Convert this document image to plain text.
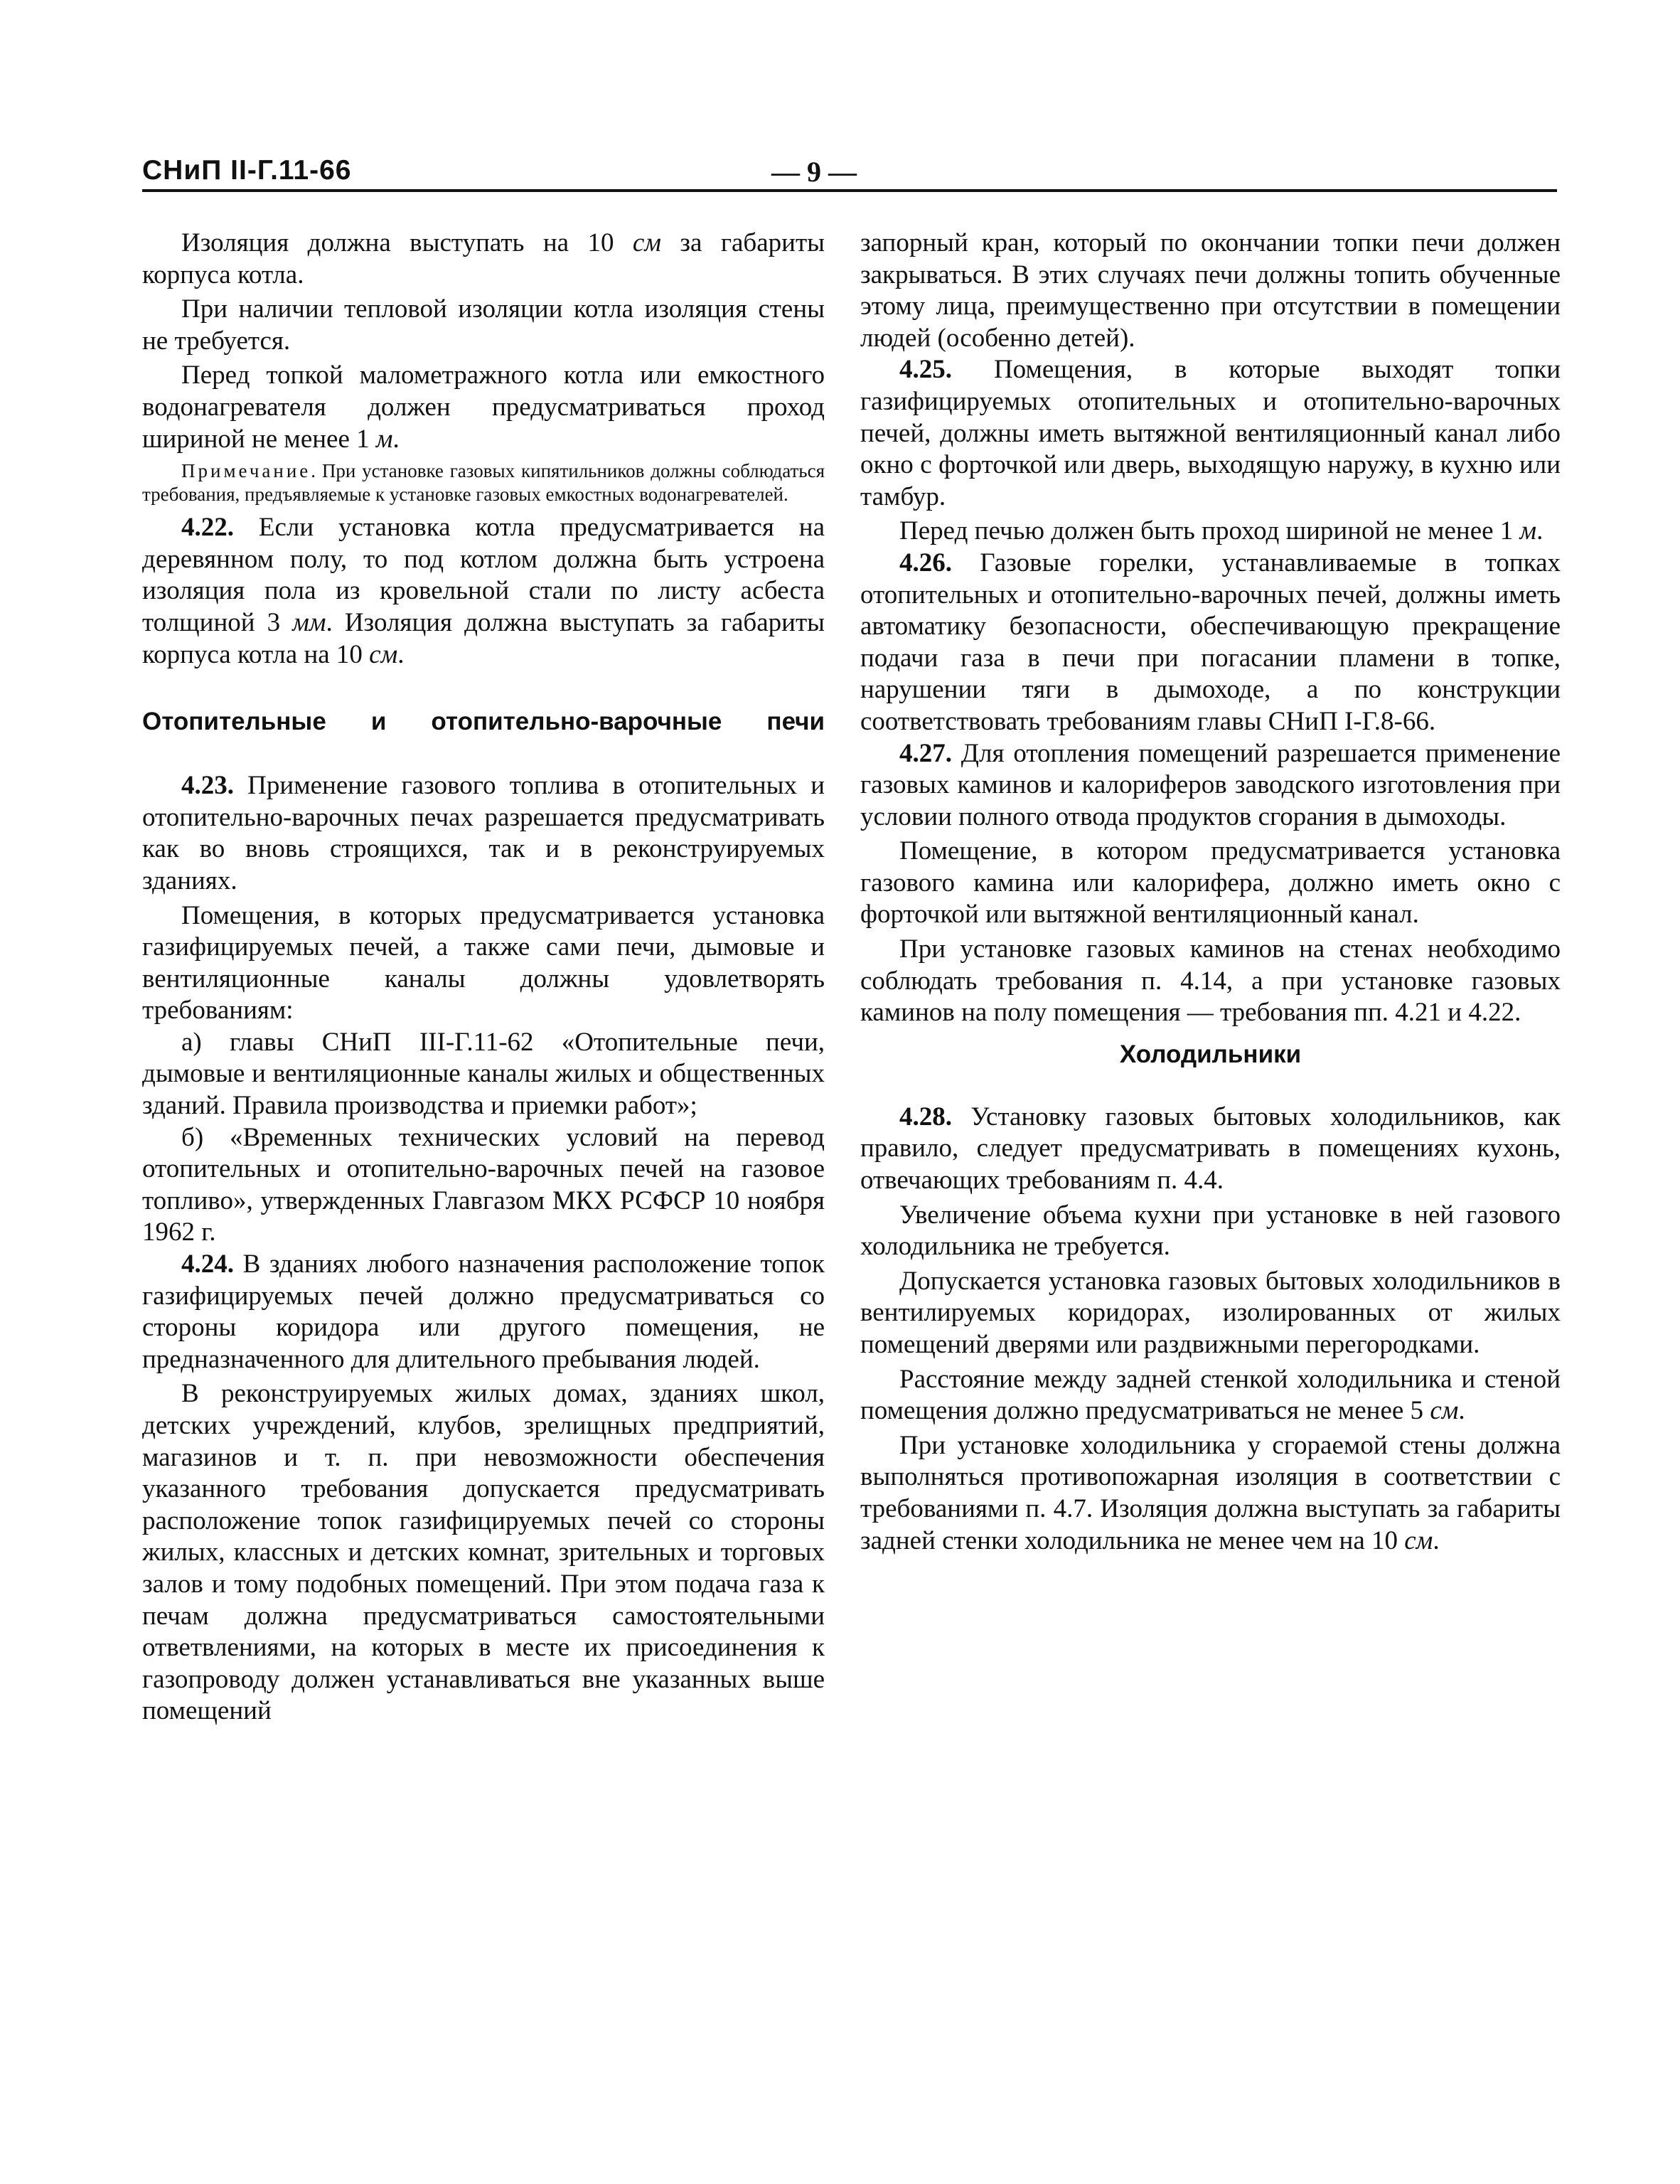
СНиП II-Г.11-66	— 9 —

Изоляция должна выступать на 10 см за габариты корпуса котла.

При наличии тепловой изоляции котла изоляция стены не требуется.

Перед топкой малометражного котла или емкостного водонагревателя должен предусматриваться проход шириной не менее 1 м.

Примечание. При установке газовых кипятильников должны соблюдаться требования, предъявляемые к установке газовых емкостных водонагревателей.

4.22. Если установка котла предусматривается на деревянном полу, то под котлом должна быть устроена изоляция пола из кровельной стали по листу асбеста толщиной 3 мм. Изоляция должна выступать за габариты корпуса котла на 10 см.

Отопительные и отопительно-варочные печи

4.23. Применение газового топлива в отопительных и отопительно-варочных печах разрешается предусматривать как во вновь строящихся, так и в реконструируемых зданиях.

Помещения, в которых предусматривается установка газифицируемых печей, а также сами печи, дымовые и вентиляционные каналы должны удовлетворять требованиям:

а) главы СНиП III-Г.11-62 «Отопительные печи, дымовые и вентиляционные каналы жилых и общественных зданий. Правила производства и приемки работ»;

б) «Временных технических условий на перевод отопительных и отопительно-варочных печей на газовое топливо», утвержденных Главгазом МКХ РСФСР 10 ноября 1962 г.

4.24. В зданиях любого назначения расположение топок газифицируемых печей должно предусматриваться со стороны коридора или другого помещения, не предназначенного для длительного пребывания людей.

В реконструируемых жилых домах, зданиях школ, детских учреждений, клубов, зрелищных предприятий, магазинов и т. п. при невозможности обеспечения указанного требования допускается предусматривать расположение топок газифицируемых печей со стороны жилых, классных и детских комнат, зрительных и торговых залов и тому подобных помещений. При этом подача газа к печам должна предусматриваться самостоятельными ответвлениями, на которых в месте их присоединения к газопроводу должен устанавливаться вне указанных выше помещений

запорный кран, который по окончании топки печи должен закрываться. В этих случаях печи должны топить обученные этому лица, преимущественно при отсутствии в помещении людей (особенно детей).

4.25. Помещения, в которые выходят топки газифицируемых отопительных и отопительно-варочных печей, должны иметь вытяжной вентиляционный канал либо окно с форточкой или дверь, выходящую наружу, в кухню или тамбур.

Перед печью должен быть проход шириной не менее 1 м.

4.26. Газовые горелки, устанавливаемые в топках отопительных и отопительно-варочных печей, должны иметь автоматику безопасности, обеспечивающую прекращение подачи газа в печи при погасании пламени в топке, нарушении тяги в дымоходе, а по конструкции соответствовать требованиям главы СНиП I-Г.8-66.

4.27. Для отопления помещений разрешается применение газовых каминов и калориферов заводского изготовления при условии полного отвода продуктов сгорания в дымоходы.

Помещение, в котором предусматривается установка газового камина или калорифера, должно иметь окно с форточкой или вытяжной вентиляционный канал.

При установке газовых каминов на стенах необходимо соблюдать требования п. 4.14, а при установке газовых каминов на полу помещения — требования пп. 4.21 и 4.22.

Холодильники

4.28. Установку газовых бытовых холодильников, как правило, следует предусматривать в помещениях кухонь, отвечающих требованиям п. 4.4.

Увеличение объема кухни при установке в ней газового холодильника не требуется.

Допускается установка газовых бытовых холодильников в вентилируемых коридорах, изолированных от жилых помещений дверями или раздвижными перегородками.

Расстояние между задней стенкой холодильника и стеной помещения должно предусматриваться не менее 5 см.

При установке холодильника у сгораемой стены должна выполняться противопожарная изоляция в соответствии с требованиями п. 4.7. Изоляция должна выступать за габариты задней стенки холодильника не менее чем на 10 см.
